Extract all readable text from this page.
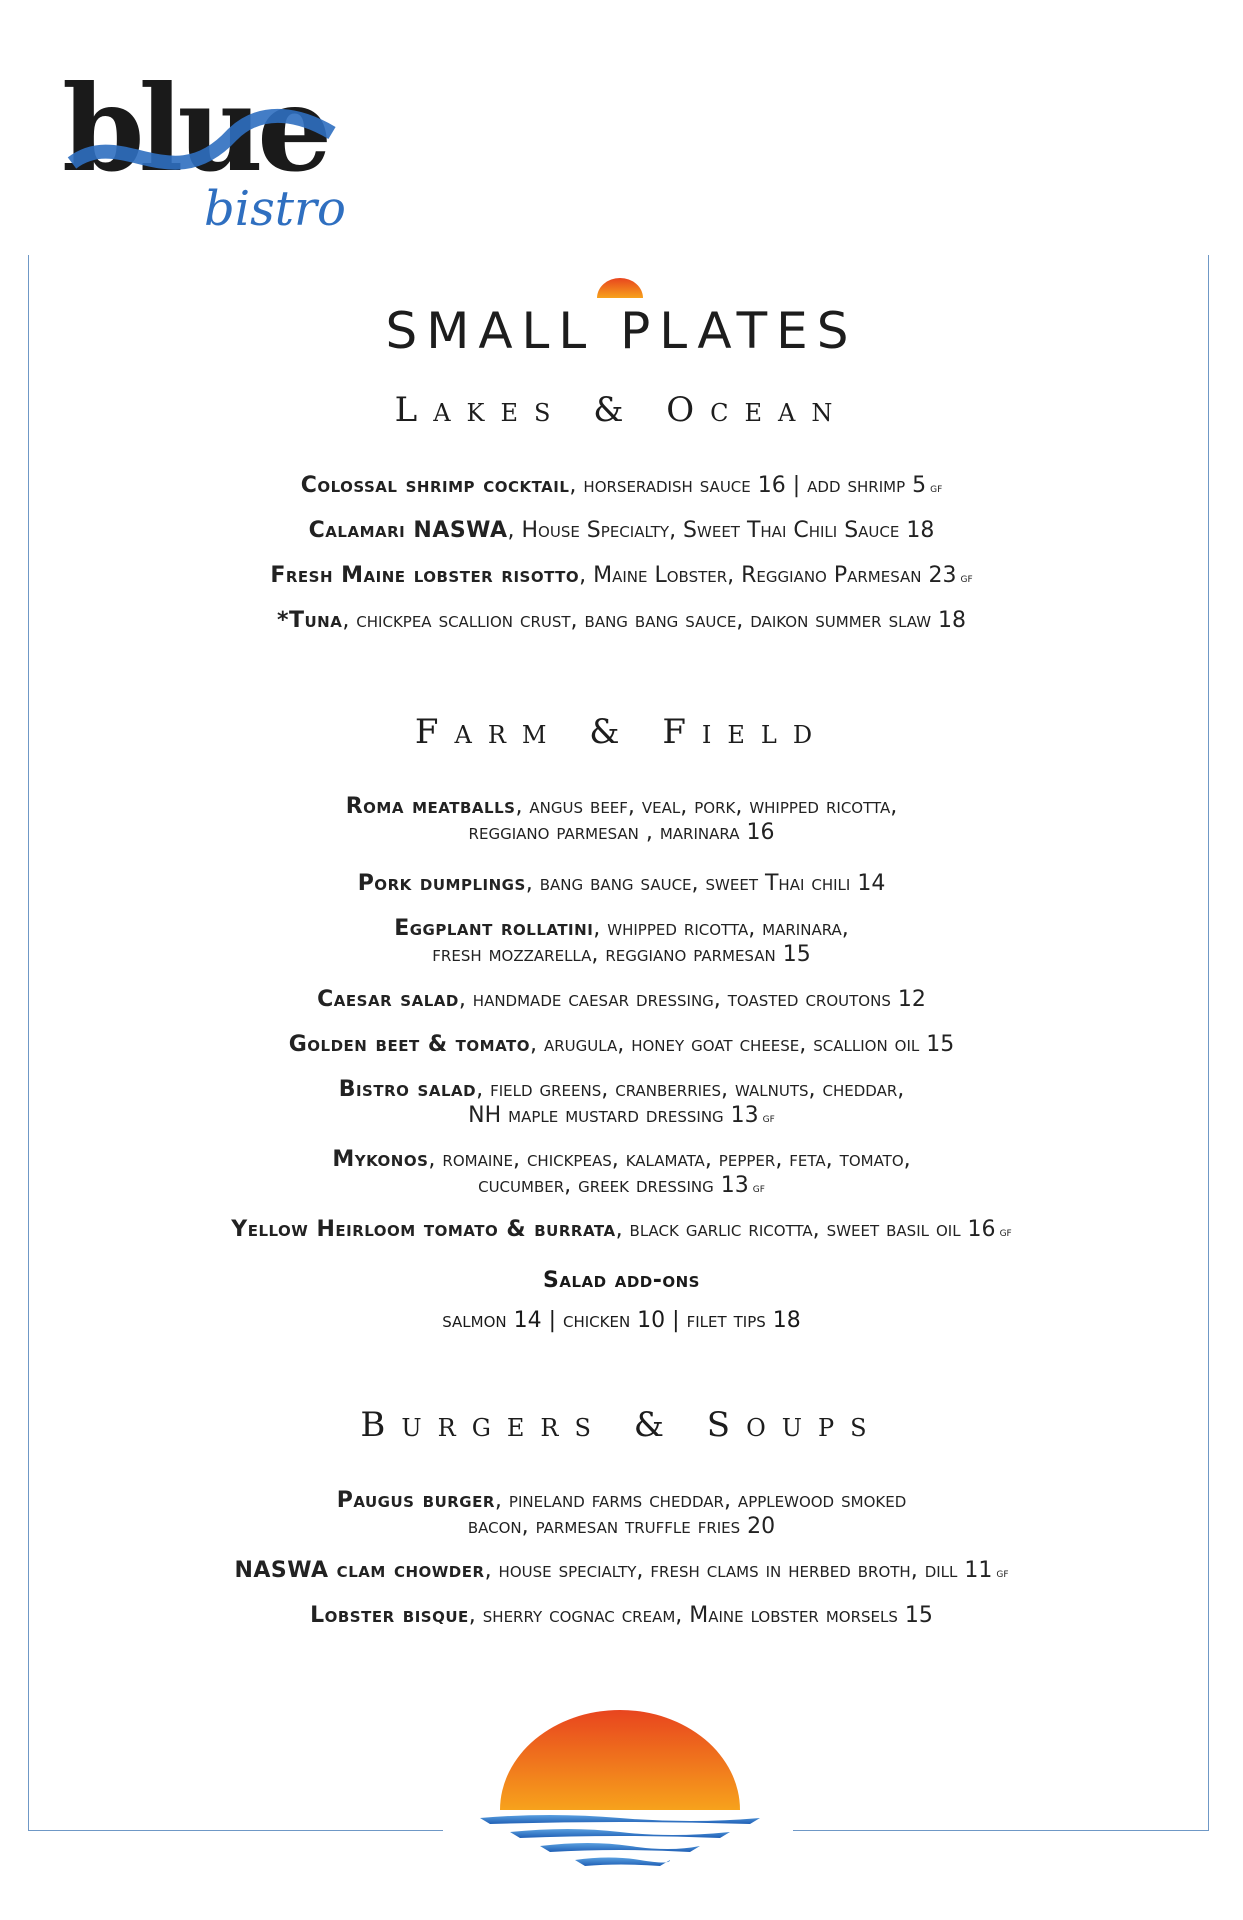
blue
bistro
SMALL PLATES
Lakes & Ocean
Colossal shrimp cocktail, horseradish sauce 16 | add shrimp 5 gf
Calamari NASWA, House Specialty, Sweet Thai Chili Sauce 18
Fresh Maine lobster risotto, Maine Lobster, Reggiano Parmesan 23 gf
*Tuna, chickpea scallion crust, bang bang sauce, daikon summer slaw 18
Farm & Field
Roma meatballs, angus beef, veal, pork, whipped ricotta,
reggiano parmesan , marinara 16
Pork dumplings, bang bang sauce, sweet Thai chili 14
Eggplant rollatini, whipped ricotta, marinara,
fresh mozzarella, reggiano parmesan 15
Caesar salad, handmade caesar dressing, toasted croutons 12
Golden beet & tomato, arugula, honey goat cheese, scallion oil 15
Bistro salad, field greens, cranberries, walnuts, cheddar,
NH maple mustard dressing 13 gf
Mykonos, romaine, chickpeas, kalamata, pepper, feta, tomato,
cucumber, greek dressing 13 gf
Yellow Heirloom tomato & burrata, black garlic ricotta, sweet basil oil 16 gf
Salad add-ons
salmon 14 | chicken 10 | filet tips 18
Burgers & Soups
Paugus burger, pineland farms cheddar, applewood smoked
bacon, parmesan truffle fries 20
NASWA clam chowder, house specialty, fresh clams in herbed broth, dill 11 gf
Lobster bisque, sherry cognac cream, Maine lobster morsels 15
